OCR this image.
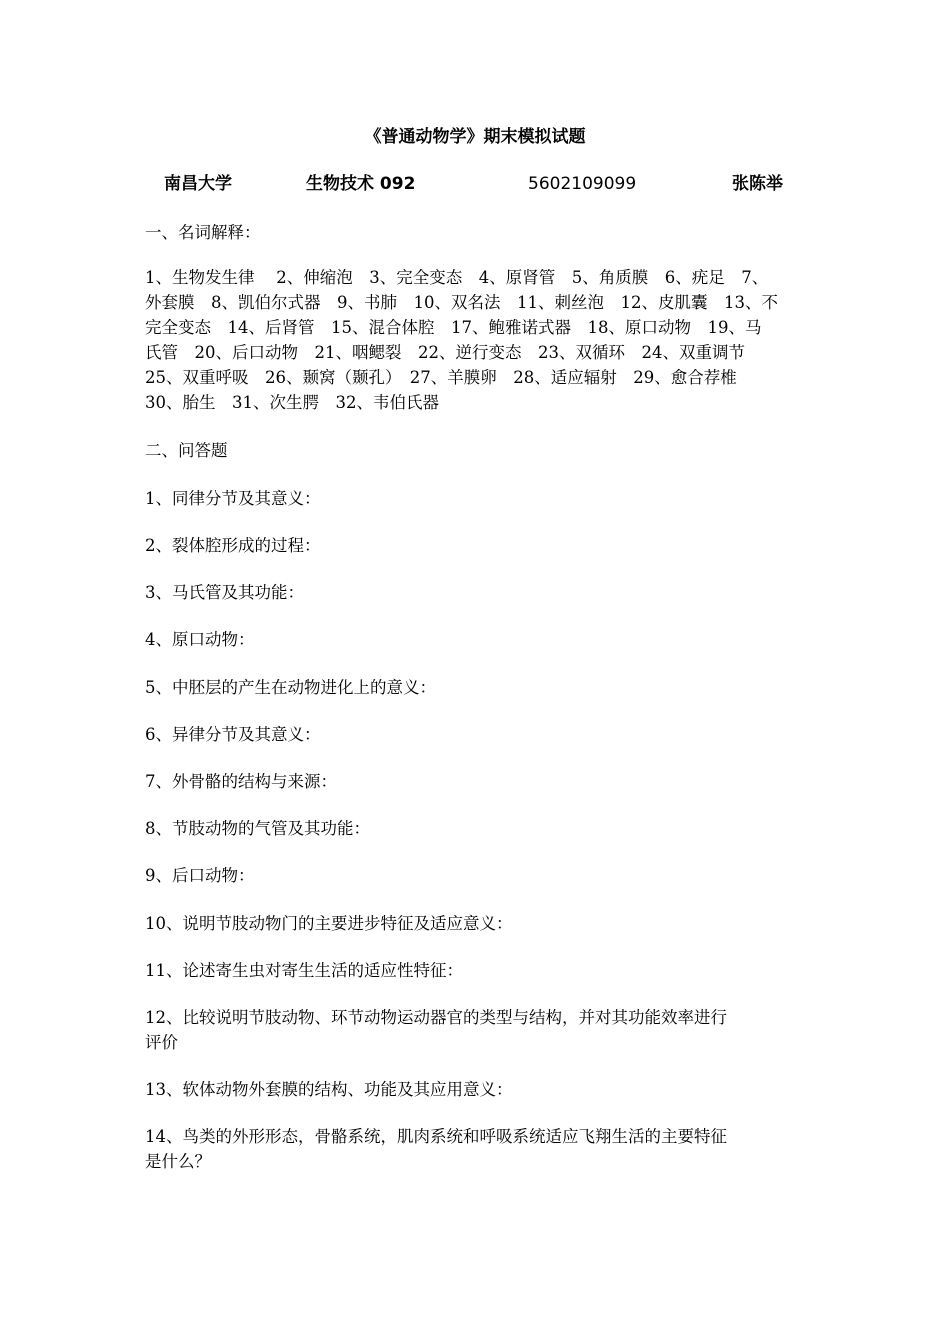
《普通动物学》期末模拟试题
南昌大学	生物技术 092	5602109099	张陈举
一、名词解释：
1、生物发生律　 2、伸缩泡　3、完全变态　4、原肾管　5、角质膜　6、疣足　7、
外套膜　8、凯伯尔式器　9、书肺　10、双名法　11、刺丝泡　12、皮肌囊　13、不
完全变态　14、后肾管　15、混合体腔　17、鲍雅诺式器　18、原口动物　19、马
氏管　20、后口动物　21、咽鳃裂　22、逆行变态　23、双循环　24、双重调节
25、双重呼吸　26、颞窝（颞孔）　27、羊膜卵　28、适应辐射　29、愈合荐椎
30、胎生　31、次生腭　32、韦伯氏器
二、问答题
1、同律分节及其意义：
2、裂体腔形成的过程：
3、马氏管及其功能：
4、原口动物：
5、中胚层的产生在动物进化上的意义：
6、异律分节及其意义：
7、外骨骼的结构与来源：
8、节肢动物的气管及其功能：
9、后口动物：
10、说明节肢动物门的主要进步特征及适应意义：
11、论述寄生虫对寄生生活的适应性特征：
12、比较说明节肢动物、环节动物运动器官的类型与结构，并对其功能效率进行
评价
13、软体动物外套膜的结构、功能及其应用意义：
14、鸟类的外形形态，骨骼系统，肌肉系统和呼吸系统适应飞翔生活的主要特征
是什么？
